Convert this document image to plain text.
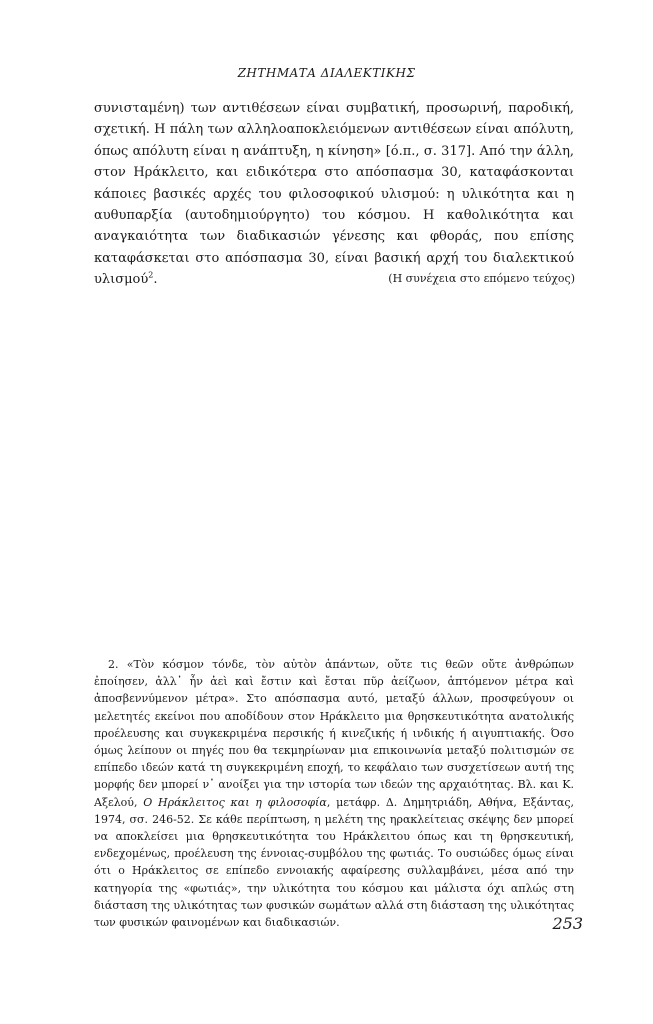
ΖΗΤΗΜΑΤΑ ΔΙΑΛΕΚΤΙΚΗΣ

συνισταμένη) των αντιθέσεων είναι συμβατική, προσωρινή, παροδική, σχετική. Η πάλη των αλληλοαποκλειόμενων αντιθέσεων είναι απόλυτη, όπως απόλυτη είναι η ανάπτυξη, η κίνηση» [ό.π., σ. 317]. Από την άλλη, στον Ηράκλειτο, και ειδικότερα στο απόσπασμα 30, καταφάσκονται κάποιες βασικές αρχές του φιλοσοφικού υλισμού: η υλικότητα και η αυθυπαρξία (αυτοδημιούργητο) του κόσμου. Η καθολικότητα και αναγκαιότητα των διαδικασιών γένεσης και φθοράς, που επίσης καταφάσκεται στο απόσπασμα 30, είναι βασική αρχή του διαλεκτικού υλισμού$^2$.	(Η συνέχεια στο επόμενο τεύχος)

2. «Τὸν κόσμον τόνδε, τὸν αὐτὸν ἁπάντων, οὔτε τις θεῶν οὔτε ἀνθρώπων ἐποίησεν, ἀλλ᾽ ἦν ἀεὶ καὶ ἔστιν καὶ ἔσται πῦρ ἀείζωον, ἁπτόμενον μέτρα καὶ ἀποσβεννύμενον μέτρα». Στο απόσπασμα αυτό, μεταξύ άλλων, προσφεύγουν οι μελετητές εκείνοι που αποδίδουν στον Ηράκλειτο μια θρησκευτικότητα ανατολικής προέλευσης και συγκεκριμένα περσικής ή κινεζικής ή ινδικής ή αιγυπτιακής. Όσο όμως λείπουν οι πηγές που θα τεκμηρίωναν μια επικοινωνία μεταξύ πολιτισμών σε επίπεδο ιδεών κατά τη συγκεκριμένη εποχή, το κεφάλαιο των συσχετίσεων αυτή της μορφής δεν μπορεί ν᾽ ανοίξει για την ιστορία των ιδεών της αρχαιότητας. Βλ. και Κ. Αξελού, Ο Ηράκλειτος και η φιλοσοφία, μετάφρ. Δ. Δημητριάδη, Αθήνα, Εξάντας, 1974, σσ. 246-52. Σε κάθε περίπτωση, η μελέτη της ηρακλείτειας σκέψης δεν μπορεί να αποκλείσει μια θρησκευτικότητα του Ηράκλειτου όπως και τη θρησκευτική, ενδεχομένως, προέλευση της έννοιας-συμβόλου της φωτιάς. Το ουσιώδες όμως είναι ότι ο Ηράκλειτος σε επίπεδο εννοιακής αφαίρεσης συλλαμβάνει, μέσα από την κατηγορία της «φωτιάς», την υλικότητα του κόσμου και μάλιστα όχι απλώς στη διάσταση της υλικότητας των φυσικών σωμάτων αλλά στη διάσταση της υλικότητας των φυσικών φαινομένων και διαδικασιών.	253
